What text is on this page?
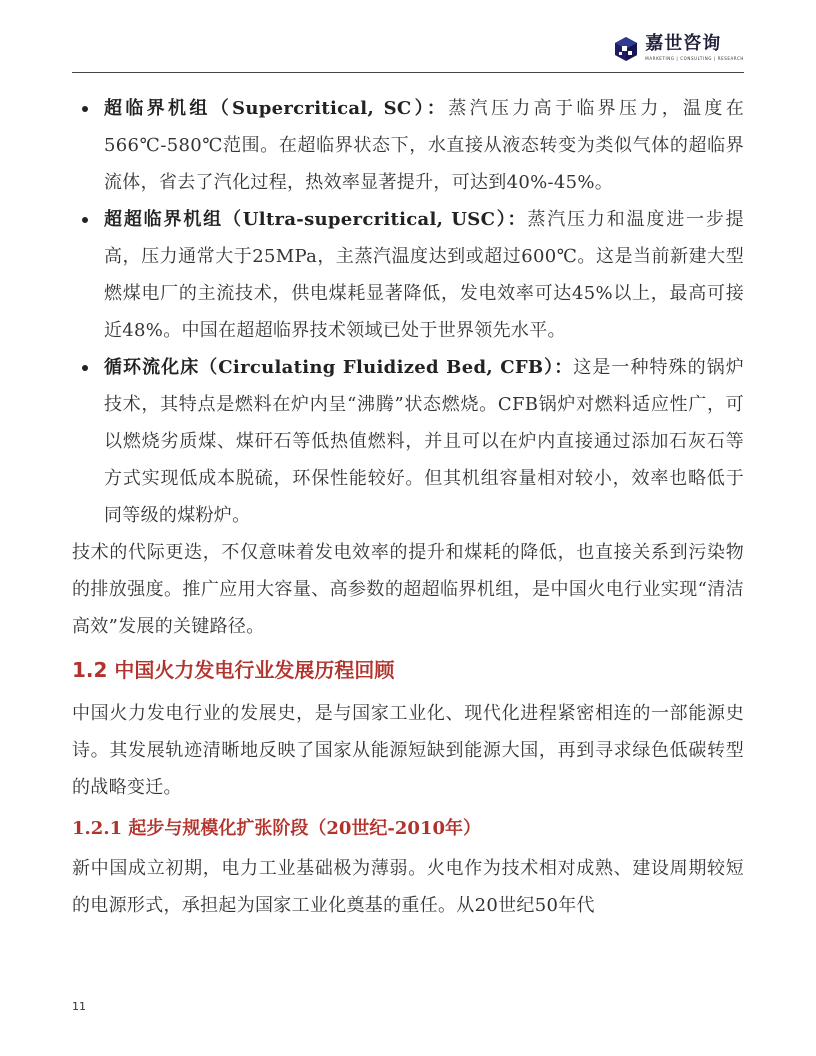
嘉世咨询
MARKETING | CONSULTING | RESEARCH

超临界机组（Supercritical, SC）：蒸汽压力高于临界压力，温度在566℃-580℃范围。在超临界状态下，水直接从液态转变为类似气体的超临界流体，省去了汽化过程，热效率显著提升，可达到40%-45%。

超超临界机组（Ultra-supercritical, USC）：蒸汽压力和温度进一步提高，压力通常大于25MPa，主蒸汽温度达到或超过600℃。这是当前新建大型燃煤电厂的主流技术，供电煤耗显著降低，发电效率可达45%以上，最高可接近48%。中国在超超临界技术领域已处于世界领先水平。

循环流化床（Circulating Fluidized Bed, CFB）：这是一种特殊的锅炉技术，其特点是燃料在炉内呈“沸腾”状态燃烧。CFB锅炉对燃料适应性广，可以燃烧劣质煤、煤矸石等低热值燃料，并且可以在炉内直接通过添加石灰石等方式实现低成本脱硫，环保性能较好。但其机组容量相对较小，效率也略低于同等级的煤粉炉。

技术的代际更迭，不仅意味着发电效率的提升和煤耗的降低，也直接关系到污染物的排放强度。推广应用大容量、高参数的超超临界机组，是中国火电行业实现“清洁高效”发展的关键路径。

1.2 中国火力发电行业发展历程回顾

中国火力发电行业的发展史，是与国家工业化、现代化进程紧密相连的一部能源史诗。其发展轨迹清晰地反映了国家从能源短缺到能源大国，再到寻求绿色低碳转型的战略变迁。

1.2.1 起步与规模化扩张阶段（20世纪-2010年）

新中国成立初期，电力工业基础极为薄弱。火电作为技术相对成熟、建设周期较短的电源形式，承担起为国家工业化奠基的重任。从20世纪50年代

11
